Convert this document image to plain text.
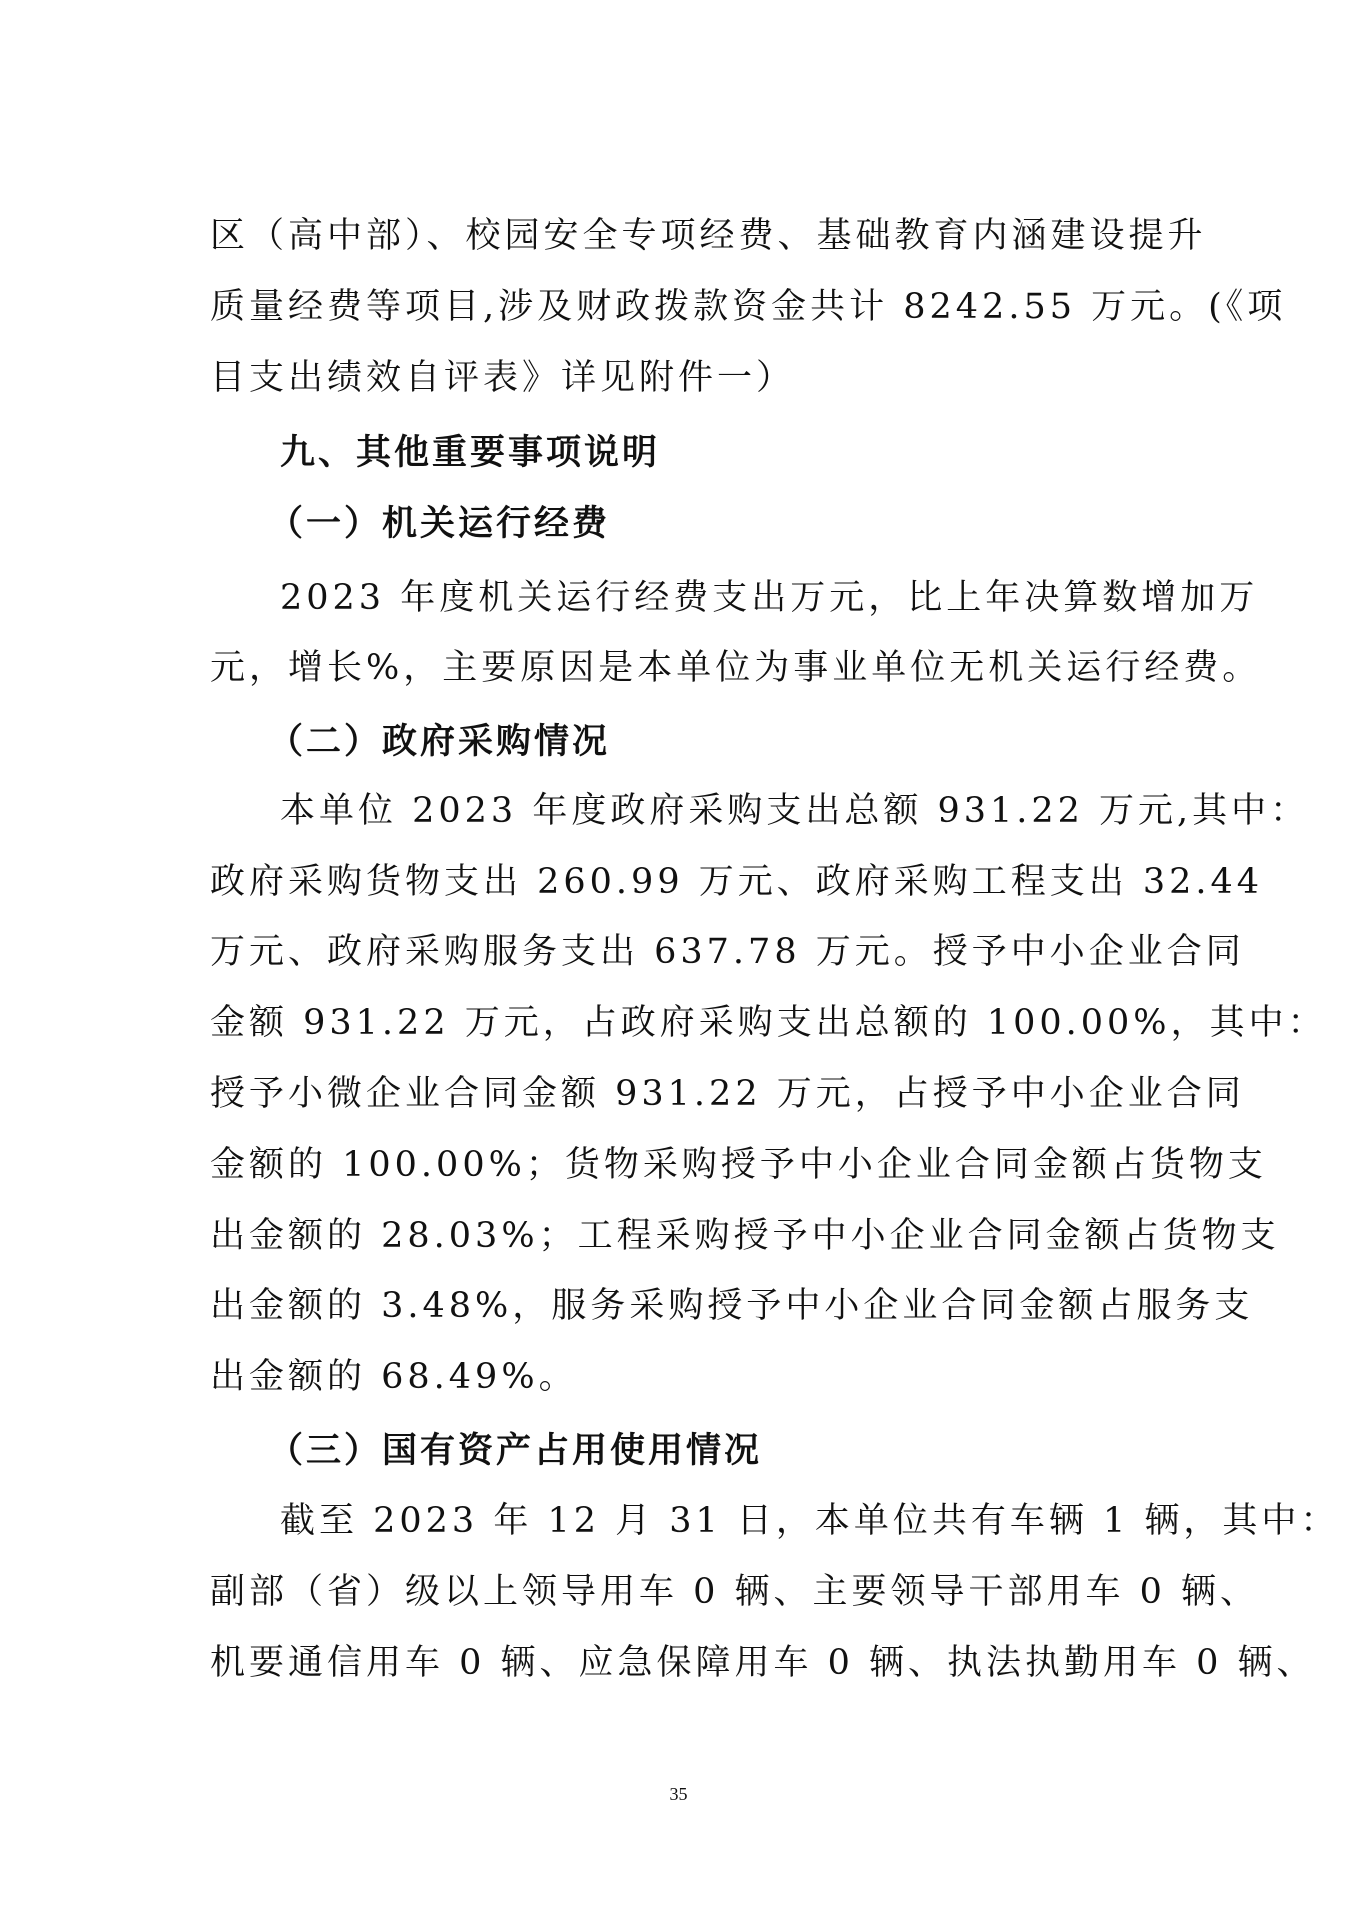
区（高中部）、校园安全专项经费、基础教育内涵建设提升
质量经费等项目,涉及财政拨款资金共计 8242.55 万元。(《项
目支出绩效自评表》详见附件一）
九、其他重要事项说明
（一）机关运行经费
2023 年度机关运行经费支出万元，比上年决算数增加万
元，增长%，主要原因是本单位为事业单位无机关运行经费。
（二）政府采购情况
本单位 2023 年度政府采购支出总额 931.22 万元,其中：
政府采购货物支出 260.99 万元、政府采购工程支出 32.44
万元、政府采购服务支出 637.78 万元。授予中小企业合同
金额 931.22 万元，占政府采购支出总额的 100.00%，其中：
授予小微企业合同金额 931.22 万元，占授予中小企业合同
金额的 100.00%；货物采购授予中小企业合同金额占货物支
出金额的 28.03%；工程采购授予中小企业合同金额占货物支
出金额的 3.48%，服务采购授予中小企业合同金额占服务支
出金额的 68.49%。
（三）国有资产占用使用情况
截至 2023 年 12 月 31 日，本单位共有车辆 1 辆，其中：
副部（省）级以上领导用车 0 辆、主要领导干部用车 0 辆、
机要通信用车 0 辆、应急保障用车 0 辆、执法执勤用车 0 辆、
35
